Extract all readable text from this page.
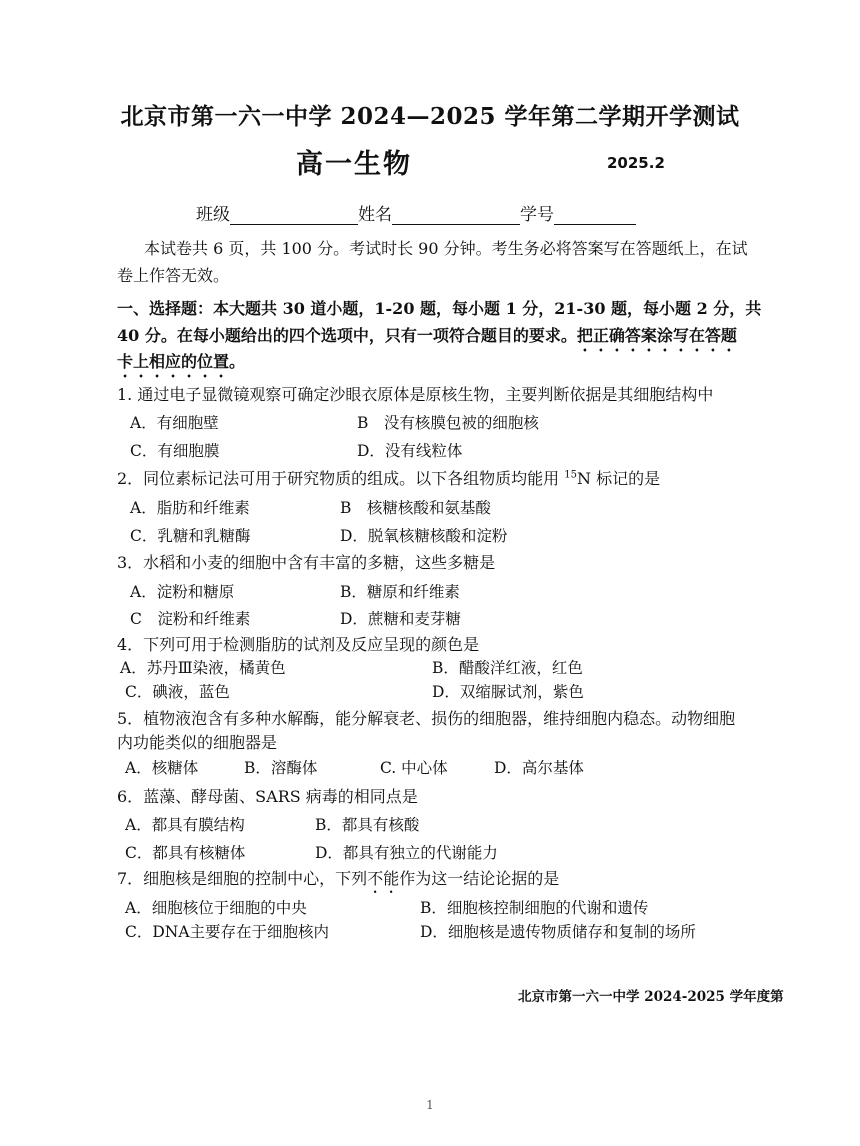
北京市第一六一中学 2024—2025 学年第二学期开学测试
高一生物	2025.2
班级	姓名	学号
本试卷共 6 页，共 100 分。考试时长 90 分钟。考生务必将答案写在答题纸上，在试
卷上作答无效。
一、选择题：本大题共 30 道小题，1-20 题，每小题 1 分，21-30 题，每小题 2 分，共
40 分。在每小题给出的四个选项中，只有一项符合题目的要求。把正确答案涂写在答题
卡上相应的位置。
1. 通过电子显微镜观察可确定沙眼衣原体是原核生物，主要判断依据是其细胞结构中
A．有细胞壁	B　没有核膜包被的细胞核
C．有细胞膜	D．没有线粒体
2．同位素标记法可用于研究物质的组成。以下各组物质均能用 $^{15}$N 标记的是
A．脂肪和纤维素	B　核糖核酸和氨基酸
C．乳糖和乳糖酶	D．脱氧核糖核酸和淀粉
3．水稻和小麦的细胞中含有丰富的多糖，这些多糖是
A．淀粉和糖原	B．糖原和纤维素
C　淀粉和纤维素	D．蔗糖和麦芽糖
4．下列可用于检测脂肪的试剂及反应呈现的颜色是
A．苏丹Ⅲ染液，橘黄色	B．醋酸洋红液，红色
C．碘液，蓝色	D．双缩脲试剂，紫色
5．植物液泡含有多种水解酶，能分解衰老、损伤的细胞器，维持细胞内稳态。动物细胞
内功能类似的细胞器是
A．核糖体	B．溶酶体	C. 中心体	D．高尔基体
6．蓝藻、酵母菌、SARS 病毒的相同点是
A．都具有膜结构	B．都具有核酸
C．都具有核糖体	D．都具有独立的代谢能力
7．细胞核是细胞的控制中心，下列不能作为这一结论论据的是
A．细胞核位于细胞的中央	B．细胞核控制细胞的代谢和遗传
C．DNA主要存在于细胞核内	D．细胞核是遗传物质储存和复制的场所
北京市第一六一中学 2024-2025 学年度第
1
